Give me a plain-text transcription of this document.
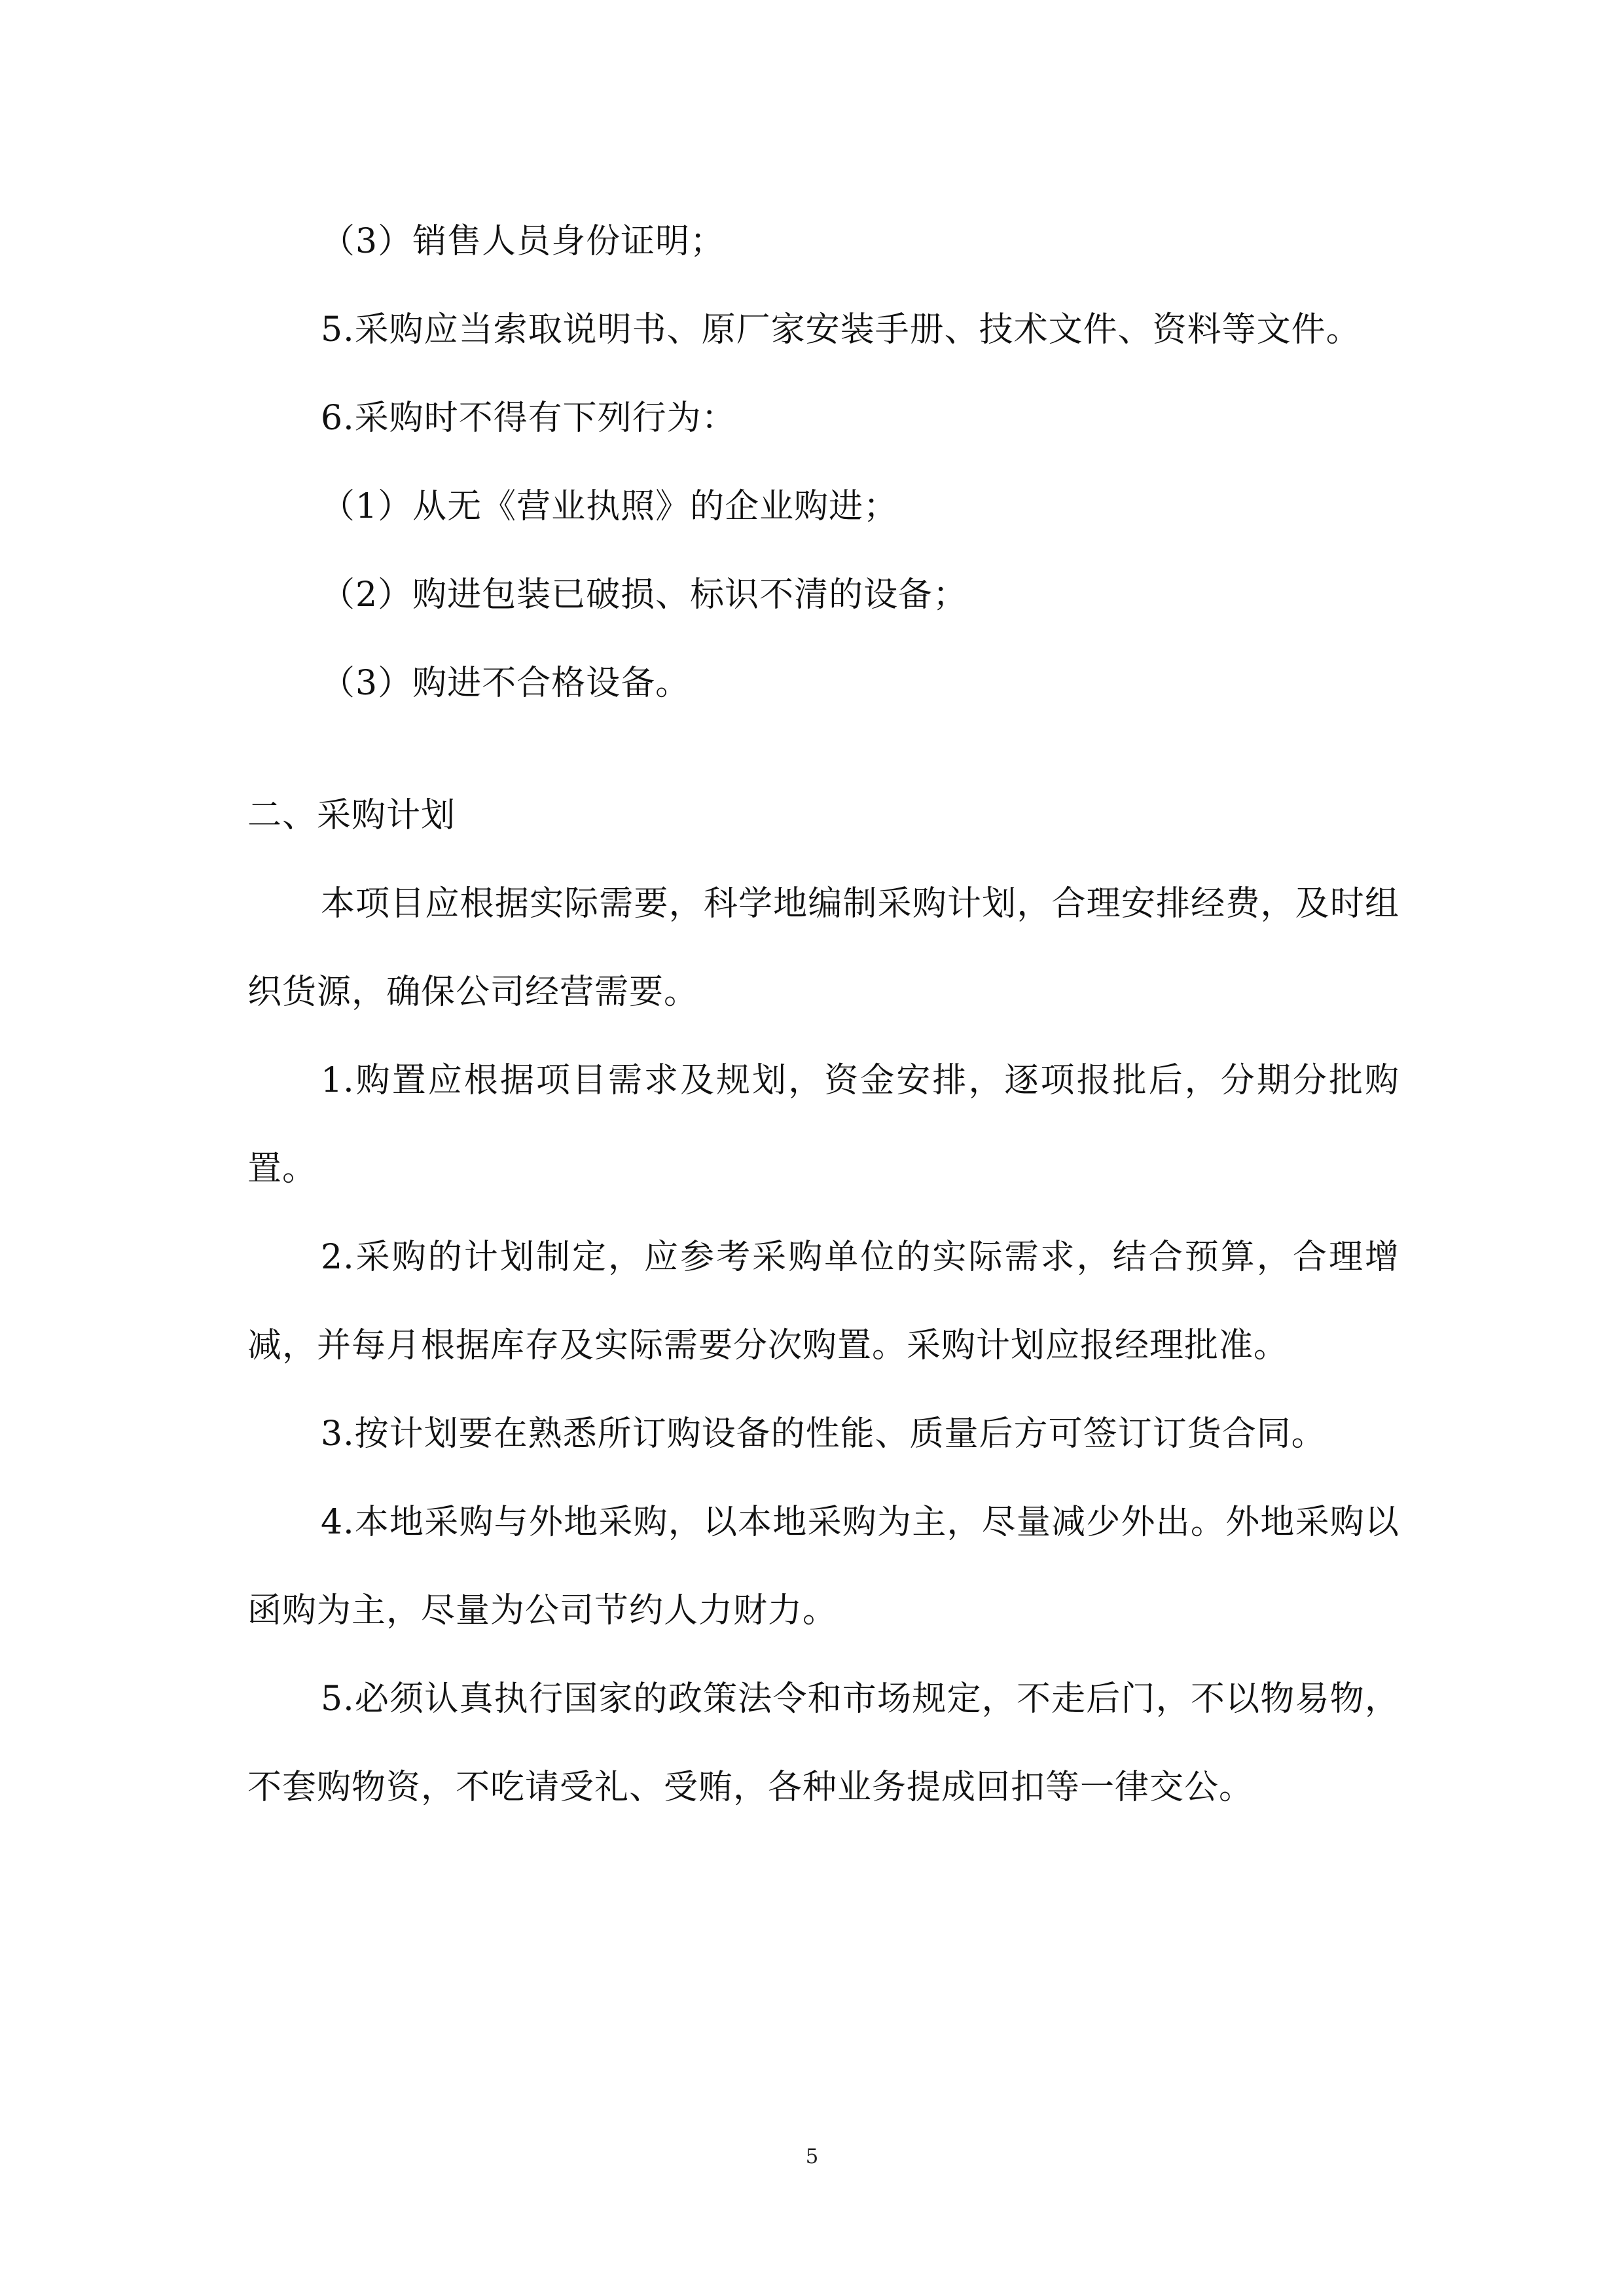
（3）销售人员身份证明；

5.采购应当索取说明书、原厂家安装手册、技术文件、资料等文件。

6.采购时不得有下列行为：

（1）从无《营业执照》的企业购进；

（2）购进包装已破损、标识不清的设备；

（3）购进不合格设备。

二、采购计划

本项目应根据实际需要，科学地编制采购计划，合理安排经费，及时组织货源，确保公司经营需要。

1.购置应根据项目需求及规划，资金安排，逐项报批后，分期分批购置。

2.采购的计划制定，应参考采购单位的实际需求，结合预算，合理增减，并每月根据库存及实际需要分次购置。采购计划应报经理批准。

3.按计划要在熟悉所订购设备的性能、质量后方可签订订货合同。

4.本地采购与外地采购，以本地采购为主，尽量减少外出。外地采购以函购为主，尽量为公司节约人力财力。

5.必须认真执行国家的政策法令和市场规定，不走后门，不以物易物，不套购物资，不吃请受礼、受贿，各种业务提成回扣等一律交公。

5
